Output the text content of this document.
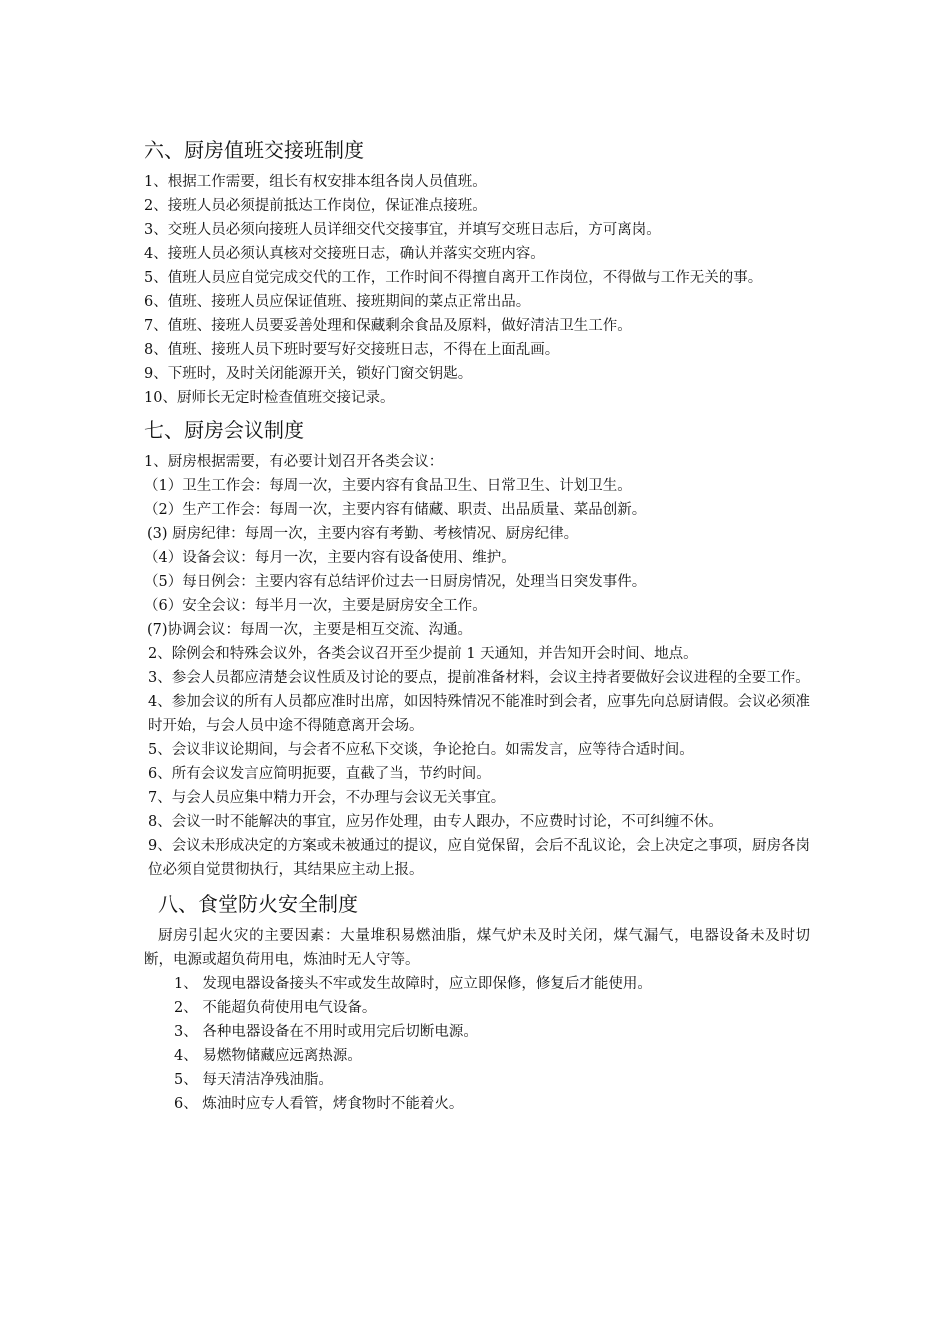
六、厨房值班交接班制度

1、根据工作需要，组长有权安排本组各岗人员值班。

2、接班人员必须提前抵达工作岗位，保证准点接班。

3、交班人员必须向接班人员详细交代交接事宜，并填写交班日志后，方可离岗。

4、接班人员必须认真核对交接班日志，确认并落实交班内容。

5、值班人员应自觉完成交代的工作，工作时间不得擅自离开工作岗位，不得做与工作无关的事。

6、值班、接班人员应保证值班、接班期间的菜点正常出品。

7、值班、接班人员要妥善处理和保藏剩余食品及原料，做好清洁卫生工作。

8、值班、接班人员下班时要写好交接班日志，不得在上面乱画。

9、下班时，及时关闭能源开关，锁好门窗交钥匙。

10、厨师长无定时检查值班交接记录。

七、厨房会议制度

1、厨房根据需要，有必要计划召开各类会议：

（1）卫生工作会：每周一次，主要内容有食品卫生、日常卫生、计划卫生。

（2）生产工作会：每周一次，主要内容有储藏、职责、出品质量、菜品创新。

(3) 厨房纪律：每周一次，主要内容有考勤、考核情况、厨房纪律。

（4）设备会议：每月一次，主要内容有设备使用、维护。

（5）每日例会：主要内容有总结评价过去一日厨房情况，处理当日突发事件。

（6）安全会议：每半月一次，主要是厨房安全工作。

(7)协调会议：每周一次，主要是相互交流、沟通。

2、除例会和特殊会议外，各类会议召开至少提前 1 天通知，并告知开会时间、地点。

3、参会人员都应清楚会议性质及讨论的要点，提前准备材料，会议主持者要做好会议进程的全要工作。

4、参加会议的所有人员都应准时出席，如因特殊情况不能准时到会者，应事先向总厨请假。会议必须准时开始，与会人员中途不得随意离开会场。

5、会议非议论期间，与会者不应私下交谈，争论抢白。如需发言，应等待合适时间。

6、所有会议发言应简明扼要，直截了当，节约时间。

7、与会人员应集中精力开会，不办理与会议无关事宜。

8、会议一时不能解决的事宜，应另作处理，由专人跟办，不应费时讨论，不可纠缠不休。

9、会议未形成决定的方案或未被通过的提议，应自觉保留，会后不乱议论，会上决定之事项，厨房各岗位必须自觉贯彻执行，其结果应主动上报。

八、食堂防火安全制度

厨房引起火灾的主要因素：大量堆积易燃油脂，煤气炉未及时关闭，煤气漏气，电器设备未及时切断，电源或超负荷用电，炼油时无人守等。

1、 发现电器设备接头不牢或发生故障时，应立即保修，修复后才能使用。

2、 不能超负荷使用电气设备。

3、 各种电器设备在不用时或用完后切断电源。

4、 易燃物储藏应远离热源。

5、 每天清洁净残油脂。

6、 炼油时应专人看管，烤食物时不能着火。
